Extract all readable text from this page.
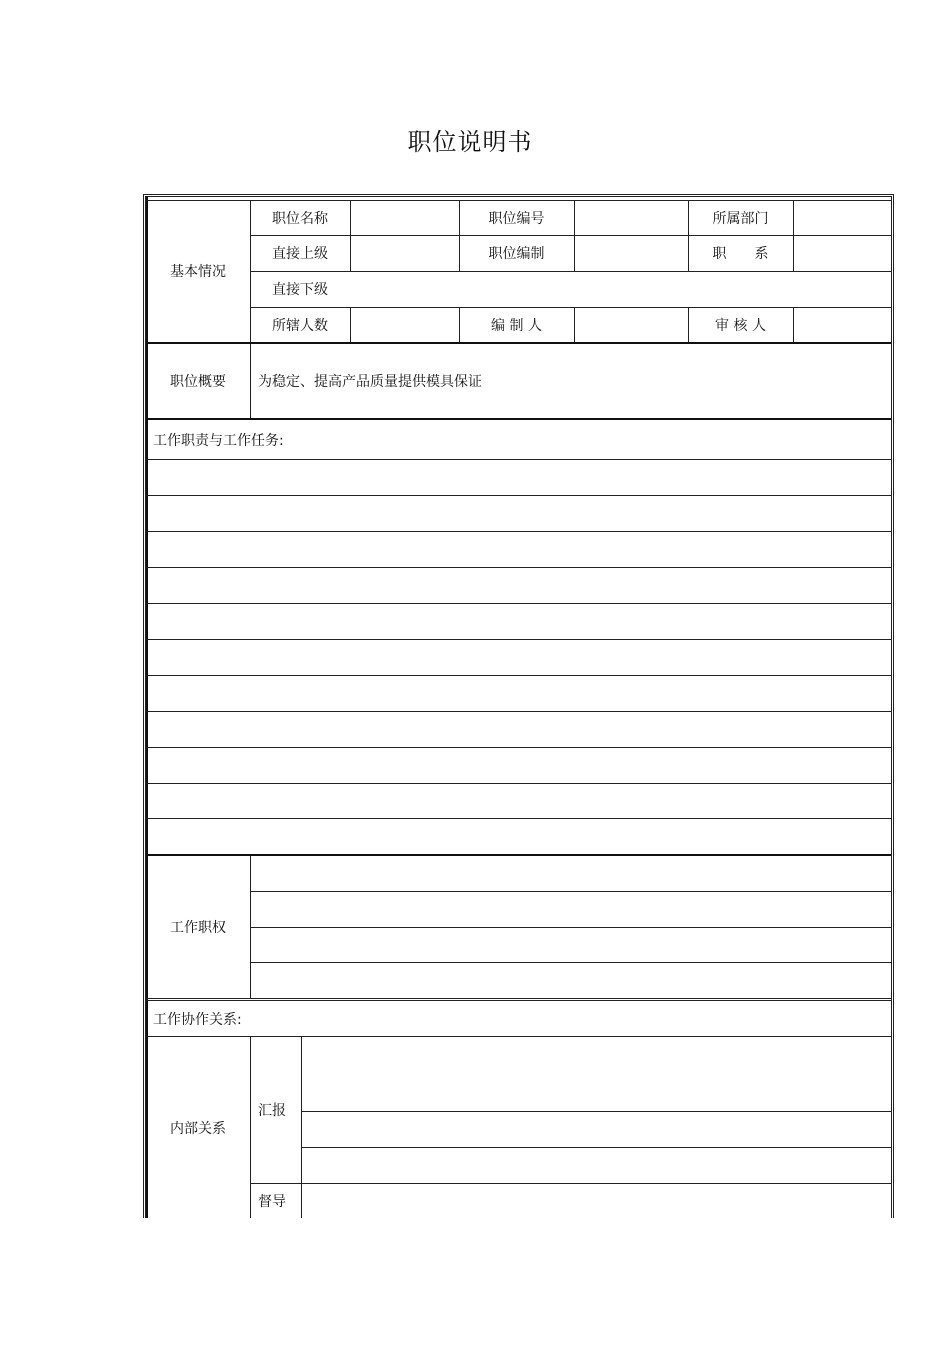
职位说明书
基本情况
职位名称	职位编号	所属部门
直接上级	职位编制	职　　系
直接下级
所辖人数	编 制 人	审 核 人
职位概要	为稳定、提高产品质量提供模具保证
工作职责与工作任务:
工作职权
工作协作关系:
内部关系
汇报
督导
